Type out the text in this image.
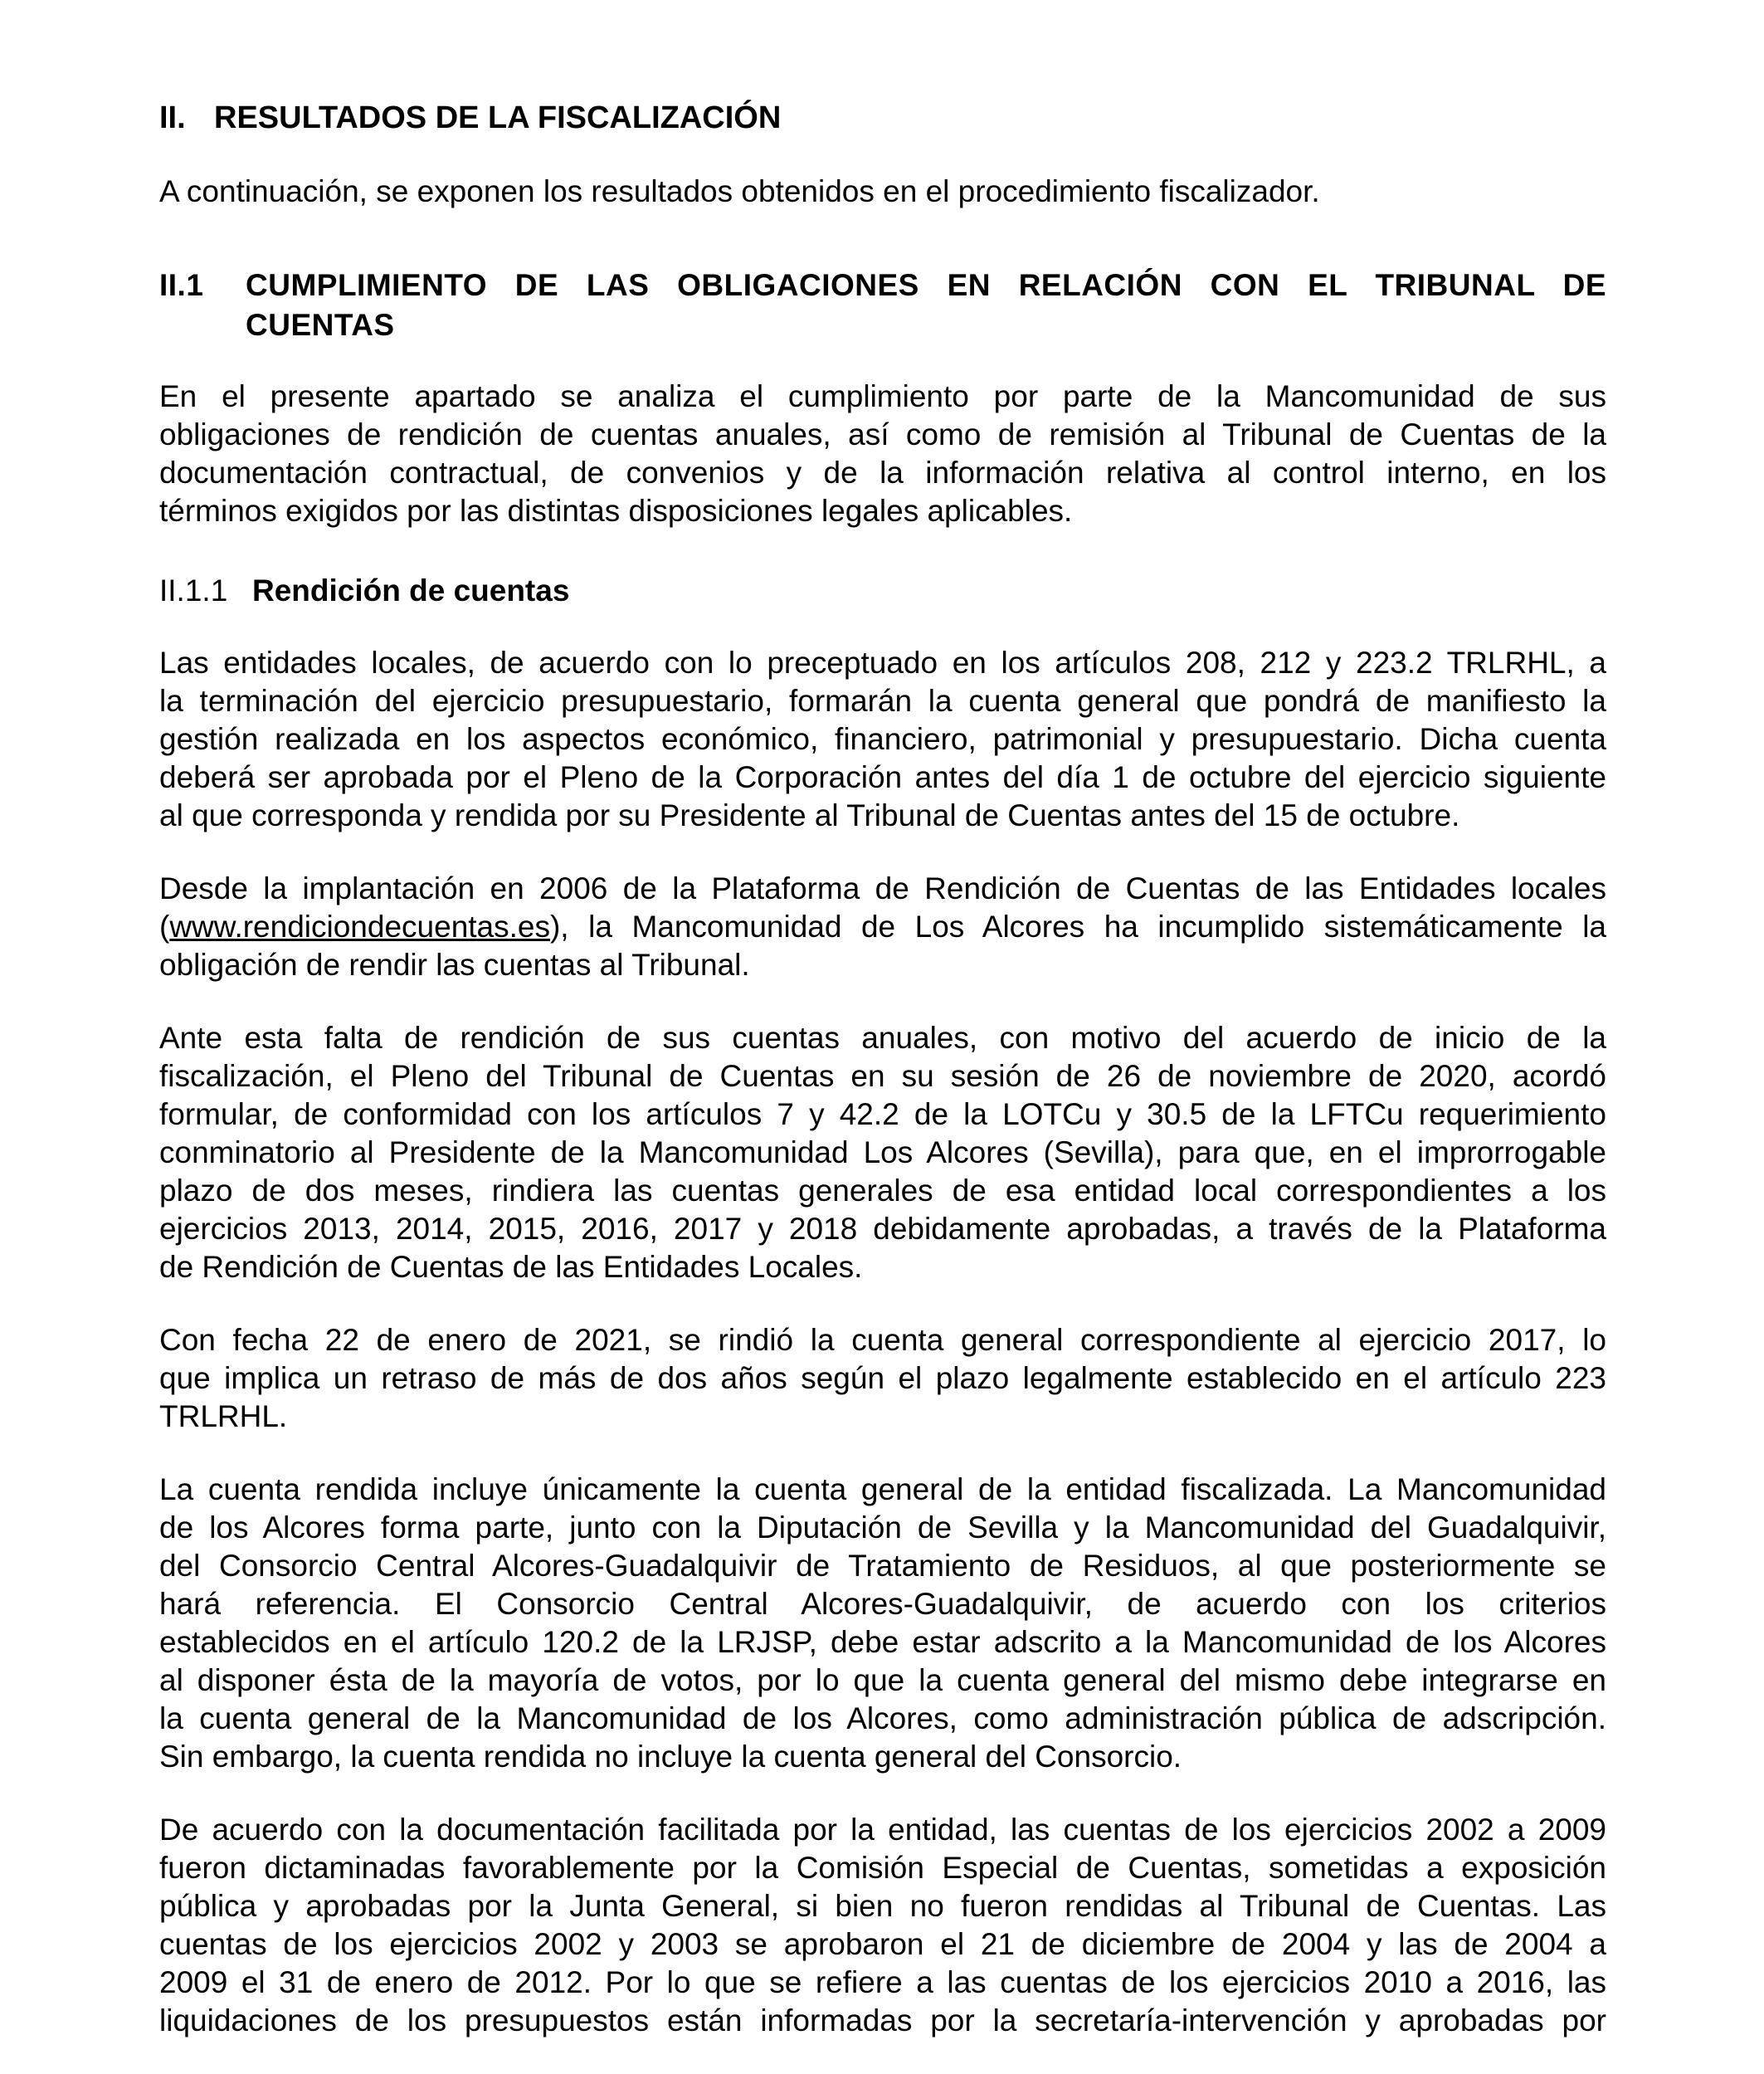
II. RESULTADOS DE LA FISCALIZACIÓN
A continuación, se exponen los resultados obtenidos en el procedimiento fiscalizador.
II.1 CUMPLIMIENTO DE LAS OBLIGACIONES EN RELACIÓN CON EL TRIBUNAL DE
CUENTAS
En el presente apartado se analiza el cumplimiento por parte de la Mancomunidad de sus
obligaciones de rendición de cuentas anuales, así como de remisión al Tribunal de Cuentas de la
documentación contractual, de convenios y de la información relativa al control interno, en los
términos exigidos por las distintas disposiciones legales aplicables.
II.1.1 Rendición de cuentas
Las entidades locales, de acuerdo con lo preceptuado en los artículos 208, 212 y 223.2 TRLRHL, a
la terminación del ejercicio presupuestario, formarán la cuenta general que pondrá de manifiesto la
gestión realizada en los aspectos económico, financiero, patrimonial y presupuestario. Dicha cuenta
deberá ser aprobada por el Pleno de la Corporación antes del día 1 de octubre del ejercicio siguiente
al que corresponda y rendida por su Presidente al Tribunal de Cuentas antes del 15 de octubre.
Desde la implantación en 2006 de la Plataforma de Rendición de Cuentas de las Entidades locales
(www.rendiciondecuentas.es), la Mancomunidad de Los Alcores ha incumplido sistemáticamente la
obligación de rendir las cuentas al Tribunal.
Ante esta falta de rendición de sus cuentas anuales, con motivo del acuerdo de inicio de la
fiscalización, el Pleno del Tribunal de Cuentas en su sesión de 26 de noviembre de 2020, acordó
formular, de conformidad con los artículos 7 y 42.2 de la LOTCu y 30.5 de la LFTCu requerimiento
conminatorio al Presidente de la Mancomunidad Los Alcores (Sevilla), para que, en el improrrogable
plazo de dos meses, rindiera las cuentas generales de esa entidad local correspondientes a los
ejercicios 2013, 2014, 2015, 2016, 2017 y 2018 debidamente aprobadas, a través de la Plataforma
de Rendición de Cuentas de las Entidades Locales.
Con fecha 22 de enero de 2021, se rindió la cuenta general correspondiente al ejercicio 2017, lo
que implica un retraso de más de dos años según el plazo legalmente establecido en el artículo 223
TRLRHL.
La cuenta rendida incluye únicamente la cuenta general de la entidad fiscalizada. La Mancomunidad
de los Alcores forma parte, junto con la Diputación de Sevilla y la Mancomunidad del Guadalquivir,
del Consorcio Central Alcores-Guadalquivir de Tratamiento de Residuos, al que posteriormente se
hará referencia. El Consorcio Central Alcores-Guadalquivir, de acuerdo con los criterios
establecidos en el artículo 120.2 de la LRJSP, debe estar adscrito a la Mancomunidad de los Alcores
al disponer ésta de la mayoría de votos, por lo que la cuenta general del mismo debe integrarse en
la cuenta general de la Mancomunidad de los Alcores, como administración pública de adscripción.
Sin embargo, la cuenta rendida no incluye la cuenta general del Consorcio.
De acuerdo con la documentación facilitada por la entidad, las cuentas de los ejercicios 2002 a 2009
fueron dictaminadas favorablemente por la Comisión Especial de Cuentas, sometidas a exposición
pública y aprobadas por la Junta General, si bien no fueron rendidas al Tribunal de Cuentas. Las
cuentas de los ejercicios 2002 y 2003 se aprobaron el 21 de diciembre de 2004 y las de 2004 a
2009 el 31 de enero de 2012. Por lo que se refiere a las cuentas de los ejercicios 2010 a 2016, las
liquidaciones de los presupuestos están informadas por la secretaría-intervención y aprobadas por
